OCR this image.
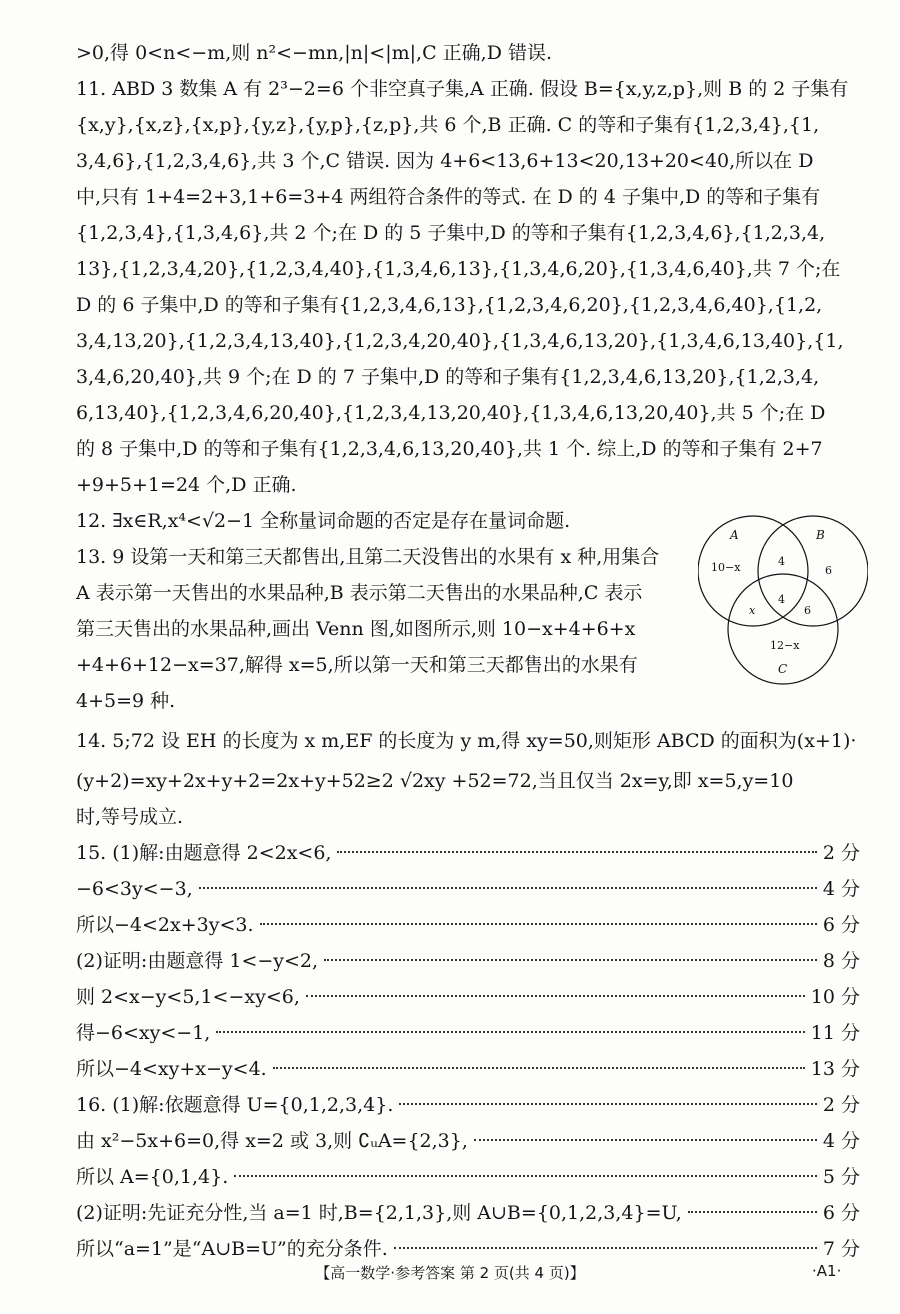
>0,得 0<n<−m,则 n²<−mn,|n|<|m|,C 正确,D 错误.
11. ABD 3 数集 A 有 2³−2=6 个非空真子集,A 正确. 假设 B={x,y,z,p},则 B 的 2 子集有
{x,y},{x,z},{x,p},{y,z},{y,p},{z,p},共 6 个,B 正确. C 的等和子集有{1,2,3,4},{1,
3,4,6},{1,2,3,4,6},共 3 个,C 错误. 因为 4+6<13,6+13<20,13+20<40,所以在 D
中,只有 1+4=2+3,1+6=3+4 两组符合条件的等式. 在 D 的 4 子集中,D 的等和子集有
{1,2,3,4},{1,3,4,6},共 2 个;在 D 的 5 子集中,D 的等和子集有{1,2,3,4,6},{1,2,3,4,
13},{1,2,3,4,20},{1,2,3,4,40},{1,3,4,6,13},{1,3,4,6,20},{1,3,4,6,40},共 7 个;在
D 的 6 子集中,D 的等和子集有{1,2,3,4,6,13},{1,2,3,4,6,20},{1,2,3,4,6,40},{1,2,
3,4,13,20},{1,2,3,4,13,40},{1,2,3,4,20,40},{1,3,4,6,13,20},{1,3,4,6,13,40},{1,
3,4,6,20,40},共 9 个;在 D 的 7 子集中,D 的等和子集有{1,2,3,4,6,13,20},{1,2,3,4,
6,13,40},{1,2,3,4,6,20,40},{1,2,3,4,13,20,40},{1,3,4,6,13,20,40},共 5 个;在 D
的 8 子集中,D 的等和子集有{1,2,3,4,6,13,20,40},共 1 个. 综上,D 的等和子集有 2+7
+9+5+1=24 个,D 正确.
12. ∃x∈R,x⁴<√2−1 全称量词命题的否定是存在量词命题.
13. 9 设第一天和第三天都售出,且第二天没售出的水果有 x 种,用集合
A 表示第一天售出的水果品种,B 表示第二天售出的水果品种,C 表示
第三天售出的水果品种,画出 Venn 图,如图所示,则 10−x+4+6+x
+4+6+12−x=37,解得 x=5,所以第一天和第三天都售出的水果有
4+5=9 种.
14. 5;72 设 EH 的长度为 x m,EF 的长度为 y m,得 xy=50,则矩形 ABCD 的面积为(x+1)·
(y+2)=xy+2x+y+2=2x+y+52≥2 √2xy +52=72,当且仅当 2x=y,即 x=5,y=10
时,等号成立.
15. (1)解:由题意得 2<2x<6,	2 分
−6<3y<−3,	4 分
所以−4<2x+3y<3.	6 分
(2)证明:由题意得 1<−y<2,	8 分
则 2<x−y<5,1<−xy<6,	10 分
得−6<xy<−1,	11 分
所以−4<xy+x−y<4.	13 分
16. (1)解:依题意得 U={0,1,2,3,4}.	2 分
由 x²−5x+6=0,得 x=2 或 3,则 ∁ᵤA={2,3},	4 分
所以 A={0,1,4}.	5 分
(2)证明:先证充分性,当 a=1 时,B={2,1,3},则 A∪B={0,1,2,3,4}=U,	6 分
所以“a=1”是“A∪B=U”的充分条件.	7 分
A	B
C
10−x	4
6
x
4
6
12−x
【高一数学·参考答案 第 2 页(共 4 页)】	·A1·
